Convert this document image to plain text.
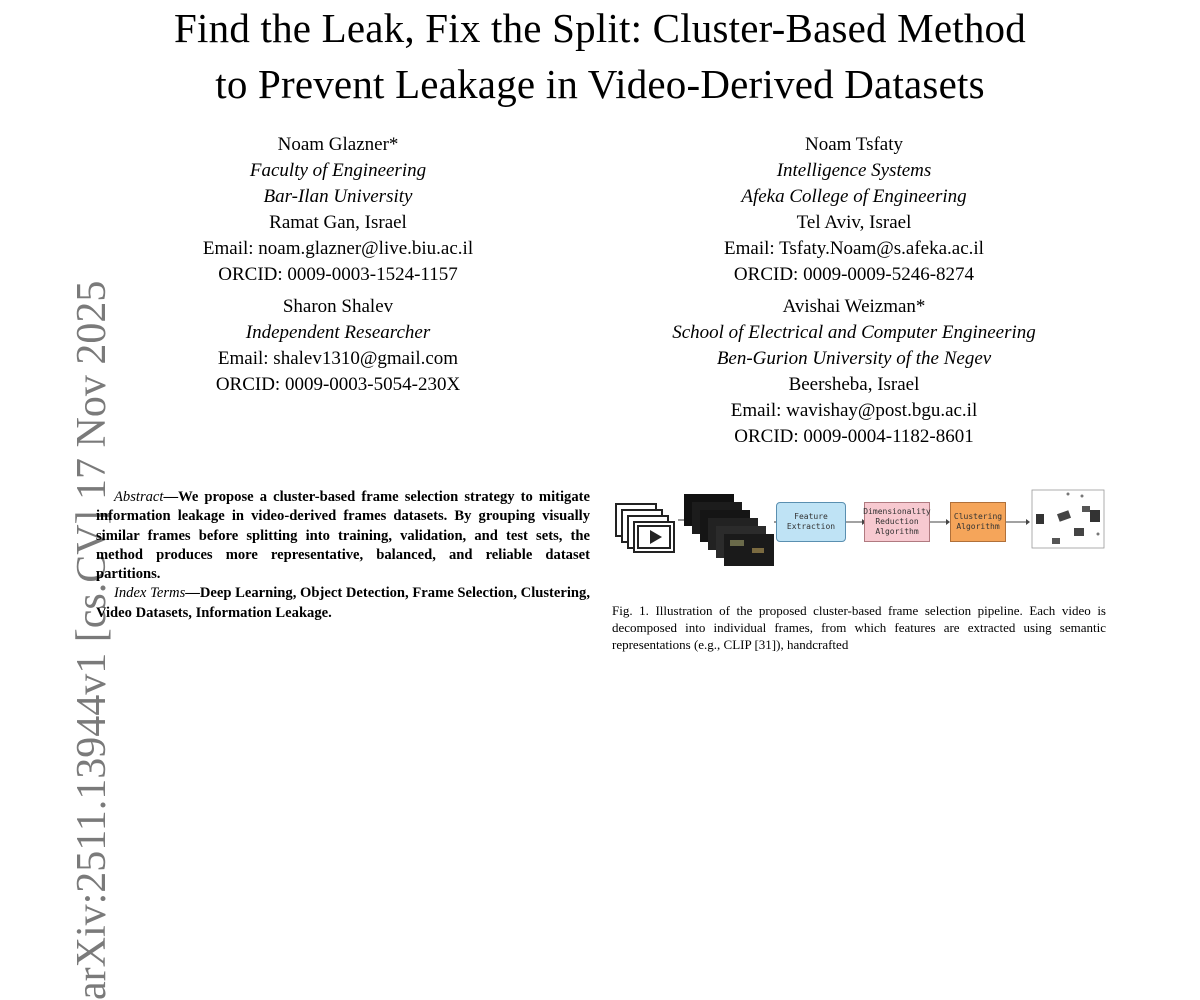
Find the Leak, Fix the Split: Cluster-Based Method
to Prevent Leakage in Video-Derived Datasets
Noam Glazner*
Faculty of Engineering
Bar-Ilan University
Ramat Gan, Israel
Email: noam.glazner@live.biu.ac.il
ORCID: 0009-0003-1524-1157
Noam Tsfaty
Intelligence Systems
Afeka College of Engineering
Tel Aviv, Israel
Email: Tsfaty.Noam@s.afeka.ac.il
ORCID: 0009-0009-5246-8274
Sharon Shalev
Independent Researcher
Email: shalev1310@gmail.com
ORCID: 0009-0003-5054-230X
Avishai Weizman*
School of Electrical and Computer Engineering
Ben-Gurion University of the Negev
Beersheba, Israel
Email: wavishay@post.bgu.ac.il
ORCID: 0009-0004-1182-8601
arXiv:2511.13944v1 [cs.CV] 17 Nov 2025 Abstract—We propose a cluster-based frame selection strategy to mitigate information leakage in video-derived frames datasets. By grouping visually similar frames before splitting into training, validation, and test sets, the method produces more representative, balanced, and reliable dataset partitions.

Index Terms—Deep Learning, Object Detection, Frame Selection, Clustering, Video Datasets, Information Leakage.

Feature Extraction
Dimensionality Reduction Algorithm
Clustering Algorithm
Fig. 1. Illustration of the proposed cluster-based frame selection pipeline. Each video is decomposed into individual frames, from which features are extracted using semantic representations (e.g., CLIP [31]), handcrafted
